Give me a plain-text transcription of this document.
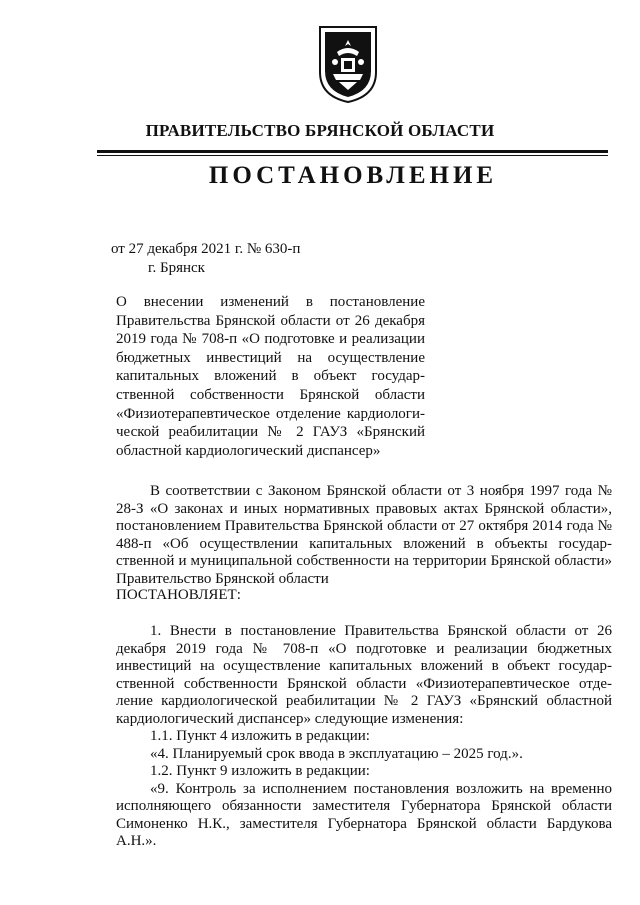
ПРАВИТЕЛЬСТВО БРЯНСКОЙ ОБЛАСТИ
ПОСТАНОВЛЕНИЕ
от 27 декабря 2021 г. № 630-п
г. Брянск
О внесении изменений в постановление Правительства Брянской области от 26 декабря 2019 года № 708-п «О подготовке и реализации бюджетных инвестиций на осуществление капитальных вложений в объект государственной собственности Брянской области «Физиотерапевтическое отделение кардиологической реабилитации № 2 ГАУЗ «Брянский областной кардиологический диспансер»
В соответствии с Законом Брянской области от 3 ноября 1997 года № 28-З «О законах и иных нормативных правовых актах Брянской области», постановлением Правительства Брянской области от 27 октября 2014 года № 488-п «Об осуществлении капитальных вложений в объекты государственной и муниципальной собственности на территории Брянской области» Правительство Брянской области
ПОСТАНОВЛЯЕТ:

1. Внести в постановление Правительства Брянской области от 26 декабря 2019 года № 708-п «О подготовке и реализации бюджетных инвестиций на осуществление капитальных вложений в объект государственной собственности Брянской области «Физиотерапевтическое отделение кардиологической реабилитации № 2 ГАУЗ «Брянский областной кардиологический диспансер» следующие изменения:

1.1. Пункт 4 изложить в редакции:

«4. Планируемый срок ввода в эксплуатацию – 2025 год.».

1.2. Пункт 9 изложить в редакции:

«9. Контроль за исполнением постановления возложить на временно исполняющего обязанности заместителя Губернатора Брянской области Симоненко Н.К., заместителя Губернатора Брянской области Бардукова А.Н.».
